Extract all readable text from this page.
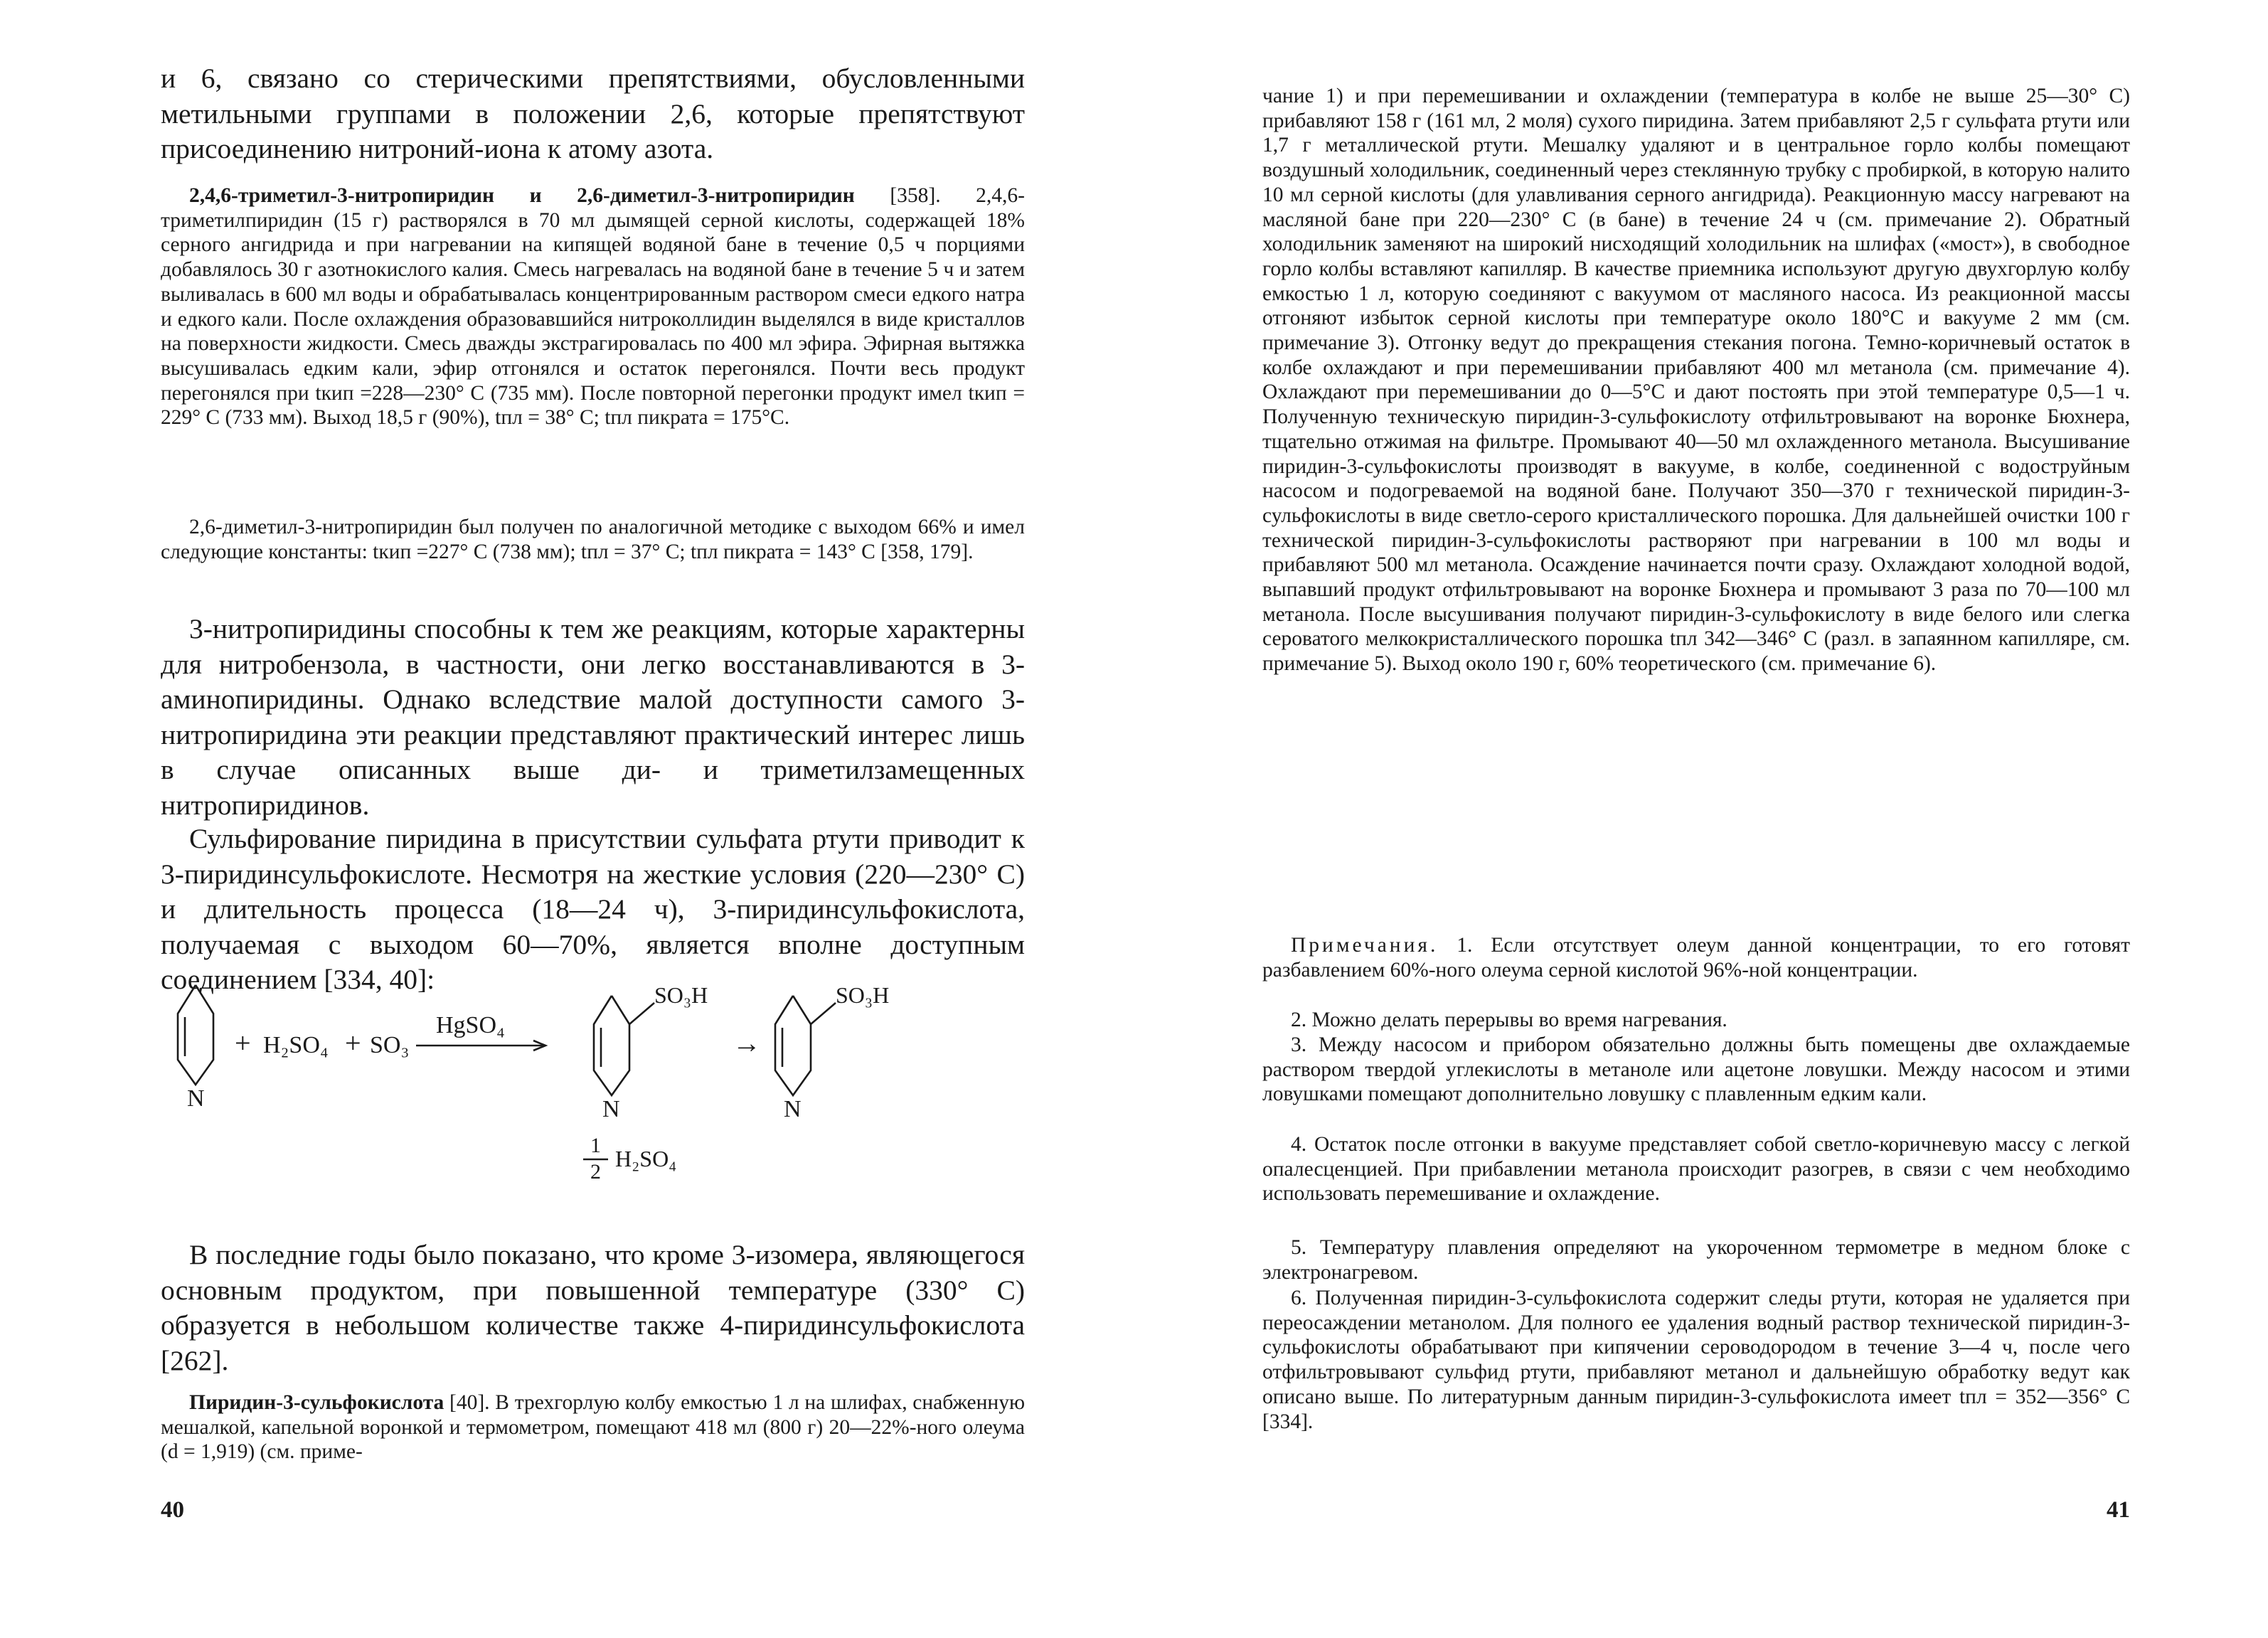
и 6, связано со стерическими препятствиями, обусловленными метильными группами в положении 2,6, которые препятствуют присоединению нитроний-иона к атому азота.

2,4,6-триметил-3-нитропиридин и 2,6-диметил-3-нитропиридин [358]. 2,4,6-триметилпиридин (15 г) растворялся в 70 мл дымящей серной кислоты, содержащей 18% серного ангидрида и при нагревании на кипящей водяной бане в течение 0,5 ч порциями добавлялось 30 г азотнокислого калия. Смесь нагревалась на водяной бане в течение 5 ч и затем выливалась в 600 мл воды и обрабатывалась концентрированным раствором смеси едкого натра и едкого кали. После охлаждения образовавшийся нитроколлидин выделялся в виде кристаллов на поверхности жидкости. Смесь дважды экстрагировалась по 400 мл эфира. Эфирная вытяжка высушивалась едким кали, эфир отгонялся и остаток перегонялся. Почти весь продукт перегонялся при tкип =228—230° С (735 мм). После повторной перегонки продукт имел tкип = 229° С (733 мм). Выход 18,5 г (90%), tпл = 38° С; tпл пикрата = 175°С.

2,6-диметил-3-нитропиридин был получен по аналогичной методике с выходом 66% и имел следующие константы: tкип =227° С (738 мм); tпл = 37° С; tпл пикрата = 143° С [358, 179].

3-нитропиридины способны к тем же реакциям, которые характерны для нитробензола, в частности, они легко восстанавливаются в 3-аминопиридины. Однако вследствие малой доступности самого 3-нитропиридина эти реакции представляют практический интерес лишь в случае описанных выше ди- и триметилзамещенных нитропиридинов.

Сульфирование пиридина в присутствии сульфата ртути приводит к 3-пиридинсульфокислоте. Несмотря на жесткие условия (220—230° С) и длительность процесса (18—24 ч), 3-пиридинсульфокислота, получаемая с выходом 60—70%, является вполне доступным соединением [334, 40]:

В последние годы было показано, что кроме 3-изомера, являющегося основным продуктом, при повышенной температуре (330° С) образуется в небольшом количестве также 4-пиридинсульфокислота [262].

Пиридин-3-сульфокислота [40]. В трехгорлую колбу емкостью 1 л на шлифах, снабженную мешалкой, капельной воронкой и термометром, помещают 418 мл (800 г) 20—22%-ного олеума (d = 1,919) (см. приме-

40
N
+ H₂SO₄ + SO₃
HgSO₄
SO₃H
N
1
2
H₂SO₄
→
SO₃H
N

чание 1) и при перемешивании и охлаждении (температура в колбе не выше 25—30° С) прибавляют 158 г (161 мл, 2 моля) сухого пиридина. Затем прибавляют 2,5 г сульфата ртути или 1,7 г металлической ртути. Мешалку удаляют и в центральное горло колбы помещают воздушный холодильник, соединенный через стеклянную трубку с пробиркой, в которую налито 10 мл серной кислоты (для улавливания серного ангидрида). Реакционную массу нагревают на масляной бане при 220—230° С (в бане) в течение 24 ч (см. примечание 2). Обратный холодильник заменяют на широкий нисходящий холодильник на шлифах («мост»), в свободное горло колбы вставляют капилляр. В качестве приемника используют другую двухгорлую колбу емкостью 1 л, которую соединяют с вакуумом от масляного насоса. Из реакционной массы отгоняют избыток серной кислоты при температуре около 180°С и вакууме 2 мм (см. примечание 3). Отгонку ведут до прекращения стекания погона. Темно-коричневый остаток в колбе охлаждают и при перемешивании прибавляют 400 мл метанола (см. примечание 4). Охлаждают при перемешивании до 0—5°С и дают постоять при этой температуре 0,5—1 ч. Полученную техническую пиридин-3-сульфокислоту отфильтровывают на воронке Бюхнера, тщательно отжимая на фильтре. Промывают 40—50 мл охлажденного метанола. Высушивание пиридин-3-сульфокислоты производят в вакууме, в колбе, соединенной с водоструйным насосом и подогреваемой на водяной бане. Получают 350—370 г технической пиридин-3-сульфокислоты в виде светло-серого кристаллического порошка. Для дальнейшей очистки 100 г технической пиридин-3-сульфокислоты растворяют при нагревании в 100 мл воды и прибавляют 500 мл метанола. Осаждение начинается почти сразу. Охлаждают холодной водой, выпавший продукт отфильтровывают на воронке Бюхнера и промывают 3 раза по 70—100 мл метанола. После высушивания получают пиридин-3-сульфокислоту в виде белого или слегка сероватого мелкокристаллического порошка tпл 342—346° С (разл. в запаянном капилляре, см. примечание 5). Выход около 190 г, 60% теоретического (см. примечание 6).

Примечания. 1. Если отсутствует олеум данной концентрации, то его готовят разбавлением 60%-ного олеума серной кислотой 96%-ной концентрации.

2. Можно делать перерывы во время нагревания.

3. Между насосом и прибором обязательно должны быть помещены две охлаждаемые раствором твердой углекислоты в метаноле или ацетоне ловушки. Между насосом и этими ловушками помещают дополнительно ловушку с плавленным едким кали.

4. Остаток после отгонки в вакууме представляет собой светло-коричневую массу с легкой опалесценцией. При прибавлении метанола происходит разогрев, в связи с чем необходимо использовать перемешивание и охлаждение.

5. Температуру плавления определяют на укороченном термометре в медном блоке с электронагревом.

6. Полученная пиридин-3-сульфокислота содержит следы ртути, которая не удаляется при переосаждении метанолом. Для полного ее удаления водный раствор технической пиридин-3-сульфокислоты обрабатывают при кипячении сероводородом в течение 3—4 ч, после чего отфильтровывают сульфид ртути, прибавляют метанол и дальнейшую обработку ведут как описано выше. По литературным данным пиридин-3-сульфокислота имеет tпл = 352—356° С [334].

41
